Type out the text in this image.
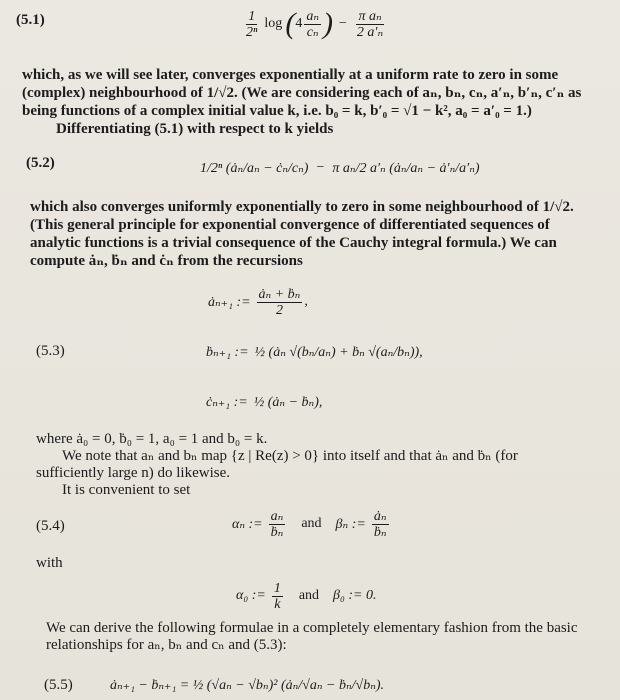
(5.1)	$\frac{1}{\text{2ⁿ}}$ log ( $4 \frac{\text{aₙ}}{\text{cₙ}}$ ) − $\frac{\text{π aₙ}}{\text{2 a′ₙ}}$
which, as we will see later, converges exponentially at a uniform rate to zero in some
(complex) neighbourhood of 1/√2. (We are considering each of aₙ, bₙ, cₙ, a′ₙ, b′ₙ, c′ₙ as
being functions of a complex initial value k, i.e. b₀ = k, b′₀ = √1 − k², a₀ = a′₀ = 1.)
Differentiating (5.1) with respect to k yields
(5.2)	1/2ⁿ (ȧₙ/aₙ − ċₙ/cₙ) − π aₙ/2 a′ₙ (ȧₙ/aₙ − ȧ′ₙ/a′ₙ)
which also converges uniformly exponentially to zero in some neighbourhood of 1/√2.
(This general principle for exponential convergence of differentiated sequences of
analytic functions is a trivial consequence of the Cauchy integral formula.) We can
compute ȧₙ, ḃₙ and ċₙ from the recursions
ȧₙ₊₁ := $\frac{\text{ȧₙ + ḃₙ}}{2}$ ,
(5.3)	ḃₙ₊₁ := ½ (ȧₙ √(bₙ/aₙ) + ḃₙ √(aₙ/bₙ)),
ċₙ₊₁ := ½ (ȧₙ − ḃₙ),
where ȧ₀ = 0, ḃ₀ = 1, a₀ = 1 and b₀ = k.
We note that aₙ and bₙ map {z | Re(z) > 0} into itself and that ȧₙ and ḃₙ (for
sufficiently large n) do likewise.
It is convenient to set
(5.4)	αₙ := $\frac{\text{aₙ}}{\text{ḃₙ}}$ and βₙ := $\frac{\text{ȧₙ}}{\text{ḃₙ}}$
with
α₀ := $\frac{1}{k}$ and β₀ := 0.
We can derive the following formulae in a completely elementary fashion from the basic
relationships for aₙ, bₙ and cₙ and (5.3):
(5.5)	ȧₙ₊₁ − ḃₙ₊₁ = ½ (√aₙ − √bₙ)² (ȧₙ/√aₙ − ḃₙ/√bₙ).
